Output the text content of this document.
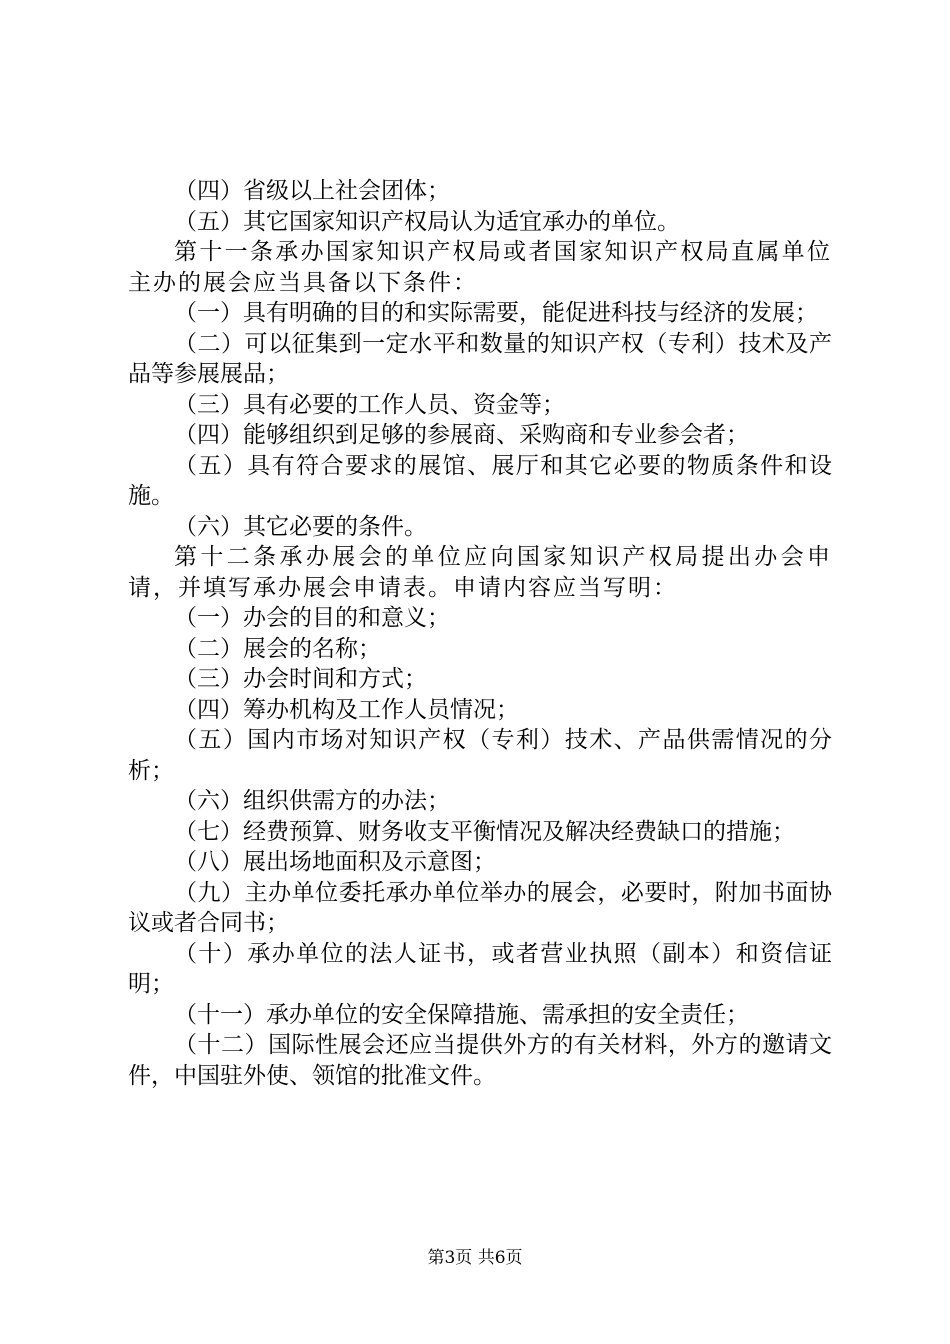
（四）省级以上社会团体；

（五）其它国家知识产权局认为适宜承办的单位。

第十一条承办国家知识产权局或者国家知识产权局直属单位主办的展会应当具备以下条件：

（一）具有明确的目的和实际需要，能促进科技与经济的发展；

（二）可以征集到一定水平和数量的知识产权（专利）技术及产品等参展展品；

（三）具有必要的工作人员、资金等；

（四）能够组织到足够的参展商、采购商和专业参会者；

（五）具有符合要求的展馆、展厅和其它必要的物质条件和设施。

（六）其它必要的条件。

第十二条承办展会的单位应向国家知识产权局提出办会申请，并填写承办展会申请表。申请内容应当写明：

（一）办会的目的和意义；

（二）展会的名称；

（三）办会时间和方式；

（四）筹办机构及工作人员情况；

（五）国内市场对知识产权（专利）技术、产品供需情况的分析；

（六）组织供需方的办法；

（七）经费预算、财务收支平衡情况及解决经费缺口的措施；

（八）展出场地面积及示意图；

（九）主办单位委托承办单位举办的展会，必要时，附加书面协议或者合同书；

（十）承办单位的法人证书，或者营业执照（副本）和资信证明；

（十一）承办单位的安全保障措施、需承担的安全责任；

（十二）国际性展会还应当提供外方的有关材料，外方的邀请文件，中国驻外使、领馆的批准文件。

第3页 共6页
